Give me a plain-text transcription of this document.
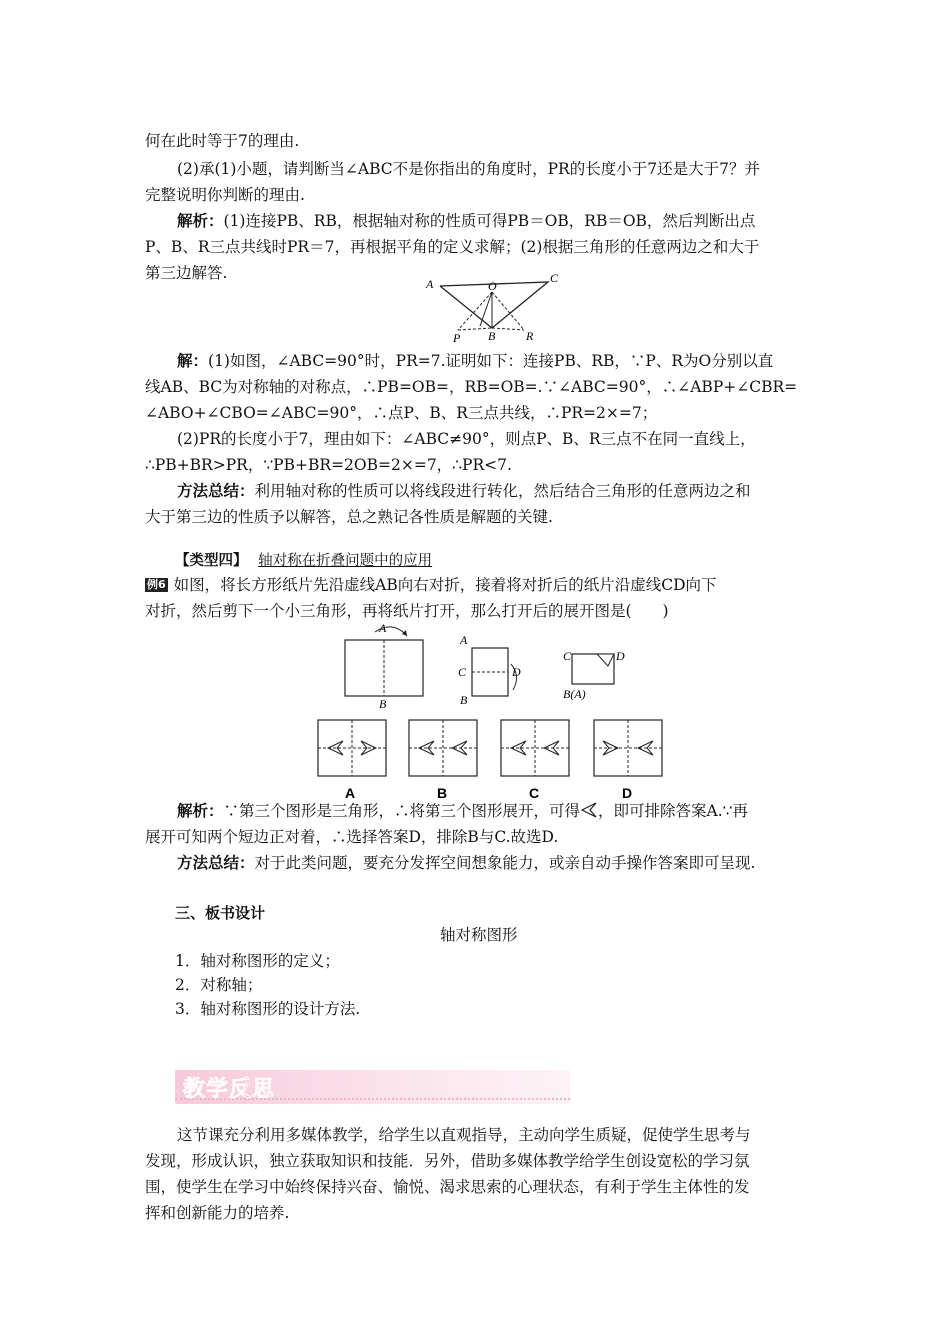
何在此时等于7的理由.
(2)承(1)小题，请判断当∠ABC不是你指出的角度时，PR的长度小于7还是大于7？并
完整说明你判断的理由.
解析：(1)连接PB、RB，根据轴对称的性质可得PB＝OB，RB＝OB，然后判断出点
P、B、R三点共线时PR＝7，再根据平角的定义求解；(2)根据三角形的任意两边之和大于
第三边解答.
A	C
O
B
P	R
解：(1)如图，∠ABC=90°时，PR=7.证明如下：连接PB、RB，∵P、R为O分别以直
线AB、BC为对称轴的对称点，∴PB=OB=，RB=OB=.∵∠ABC=90°，∴∠ABP+∠CBR=
∠ABO+∠CBO=∠ABC=90°，∴点P、B、R三点共线，∴PR=2×=7；
(2)PR的长度小于7，理由如下：∠ABC≠90°，则点P、B、R三点不在同一直线上，
∴PB+BR>PR，∵PB+BR=2OB=2×=7，∴PR<7.
方法总结：利用轴对称的性质可以将线段进行转化，然后结合三角形的任意两边之和
大于第三边的性质予以解答，总之熟记各性质是解题的关键.
【类型四】 轴对称在折叠问题中的应用
例6 如图，将长方形纸片先沿虚线AB向右对折，接着将对折后的纸片沿虚线CD向下
对折，然后剪下一个小三角形，再将纸片打开，那么打开后的展开图是(　　)
A
B
A
C	D
B
C	D
B(A)
A	B	C	D
解析：∵第三个图形是三角形，∴将第三个图形展开，可得 ，即可排除答案A.∵再
展开可知两个短边正对着，∴选择答案D，排除B与C.故选D.
方法总结：对于此类问题，要充分发挥空间想象能力，或亲自动手操作答案即可呈现.
三、板书设计
轴对称图形
1．轴对称图形的定义；
2．对称轴；
3．轴对称图形的设计方法.
教学反思
这节课充分利用多媒体教学，给学生以直观指导，主动向学生质疑，促使学生思考与
发现，形成认识，独立获取知识和技能．另外，借助多媒体教学给学生创设宽松的学习氛
围，使学生在学习中始终保持兴奋、愉悦、渴求思索的心理状态，有利于学生主体性的发
挥和创新能力的培养.
